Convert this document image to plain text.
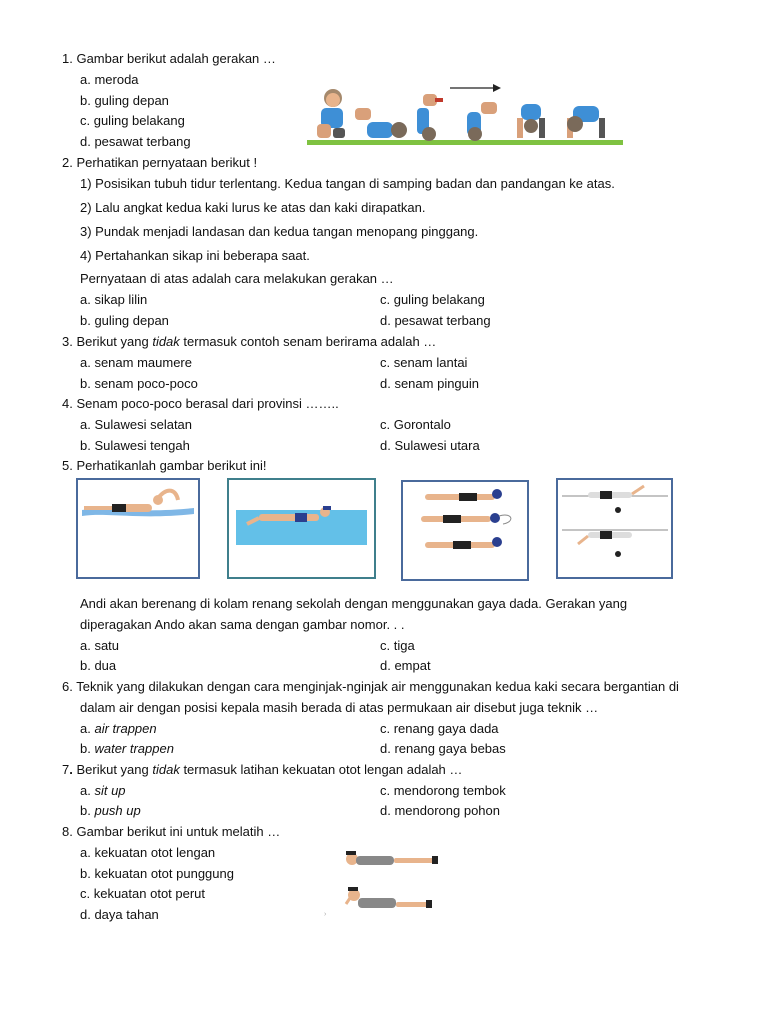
1. Gambar berikut adalah gerakan …
a. meroda
b. guling depan
c. guling belakang
d. pesawat terbang
2. Perhatikan pernyataan berikut !
1) Posisikan tubuh tidur terlentang. Kedua tangan di samping badan dan pandangan ke atas.
2) Lalu angkat kedua kaki lurus ke atas dan kaki dirapatkan.
3) Pundak menjadi landasan dan kedua tangan menopang pinggang.
4) Pertahankan sikap ini beberapa saat.
Pernyataan di atas adalah cara melakukan gerakan …
a. sikap lilin	c. guling belakang
b. guling depan	d. pesawat terbang
3. Berikut yang tidak termasuk contoh senam berirama adalah …
a. senam maumere	c. senam lantai
b. senam poco-poco	d. senam pinguin
4. Senam poco-poco berasal dari provinsi ……..
a. Sulawesi selatan	c. Gorontalo
b. Sulawesi tengah	d. Sulawesi utara
5. Perhatikanlah gambar berikut ini!
Andi akan berenang di kolam renang sekolah dengan menggunakan gaya dada. Gerakan yang
diperagakan Ando akan sama dengan gambar nomor. . .
a. satu	c. tiga
b. dua	d. empat
6. Teknik yang dilakukan dengan cara menginjak-nginjak air menggunakan kedua kaki secara bergantian di
dalam air dengan posisi kepala masih berada di atas permukaan air disebut juga teknik …
a. air trappen	c. renang gaya dada
b. water trappen	d. renang gaya bebas
7. Berikut yang tidak termasuk latihan kekuatan otot lengan adalah …
a. sit up	c. mendorong tembok
b. push up	d. mendorong pohon
8. Gambar berikut ini untuk melatih …
a. kekuatan otot lengan
b. kekuatan otot punggung
c. kekuatan otot perut
d. daya tahan	›
